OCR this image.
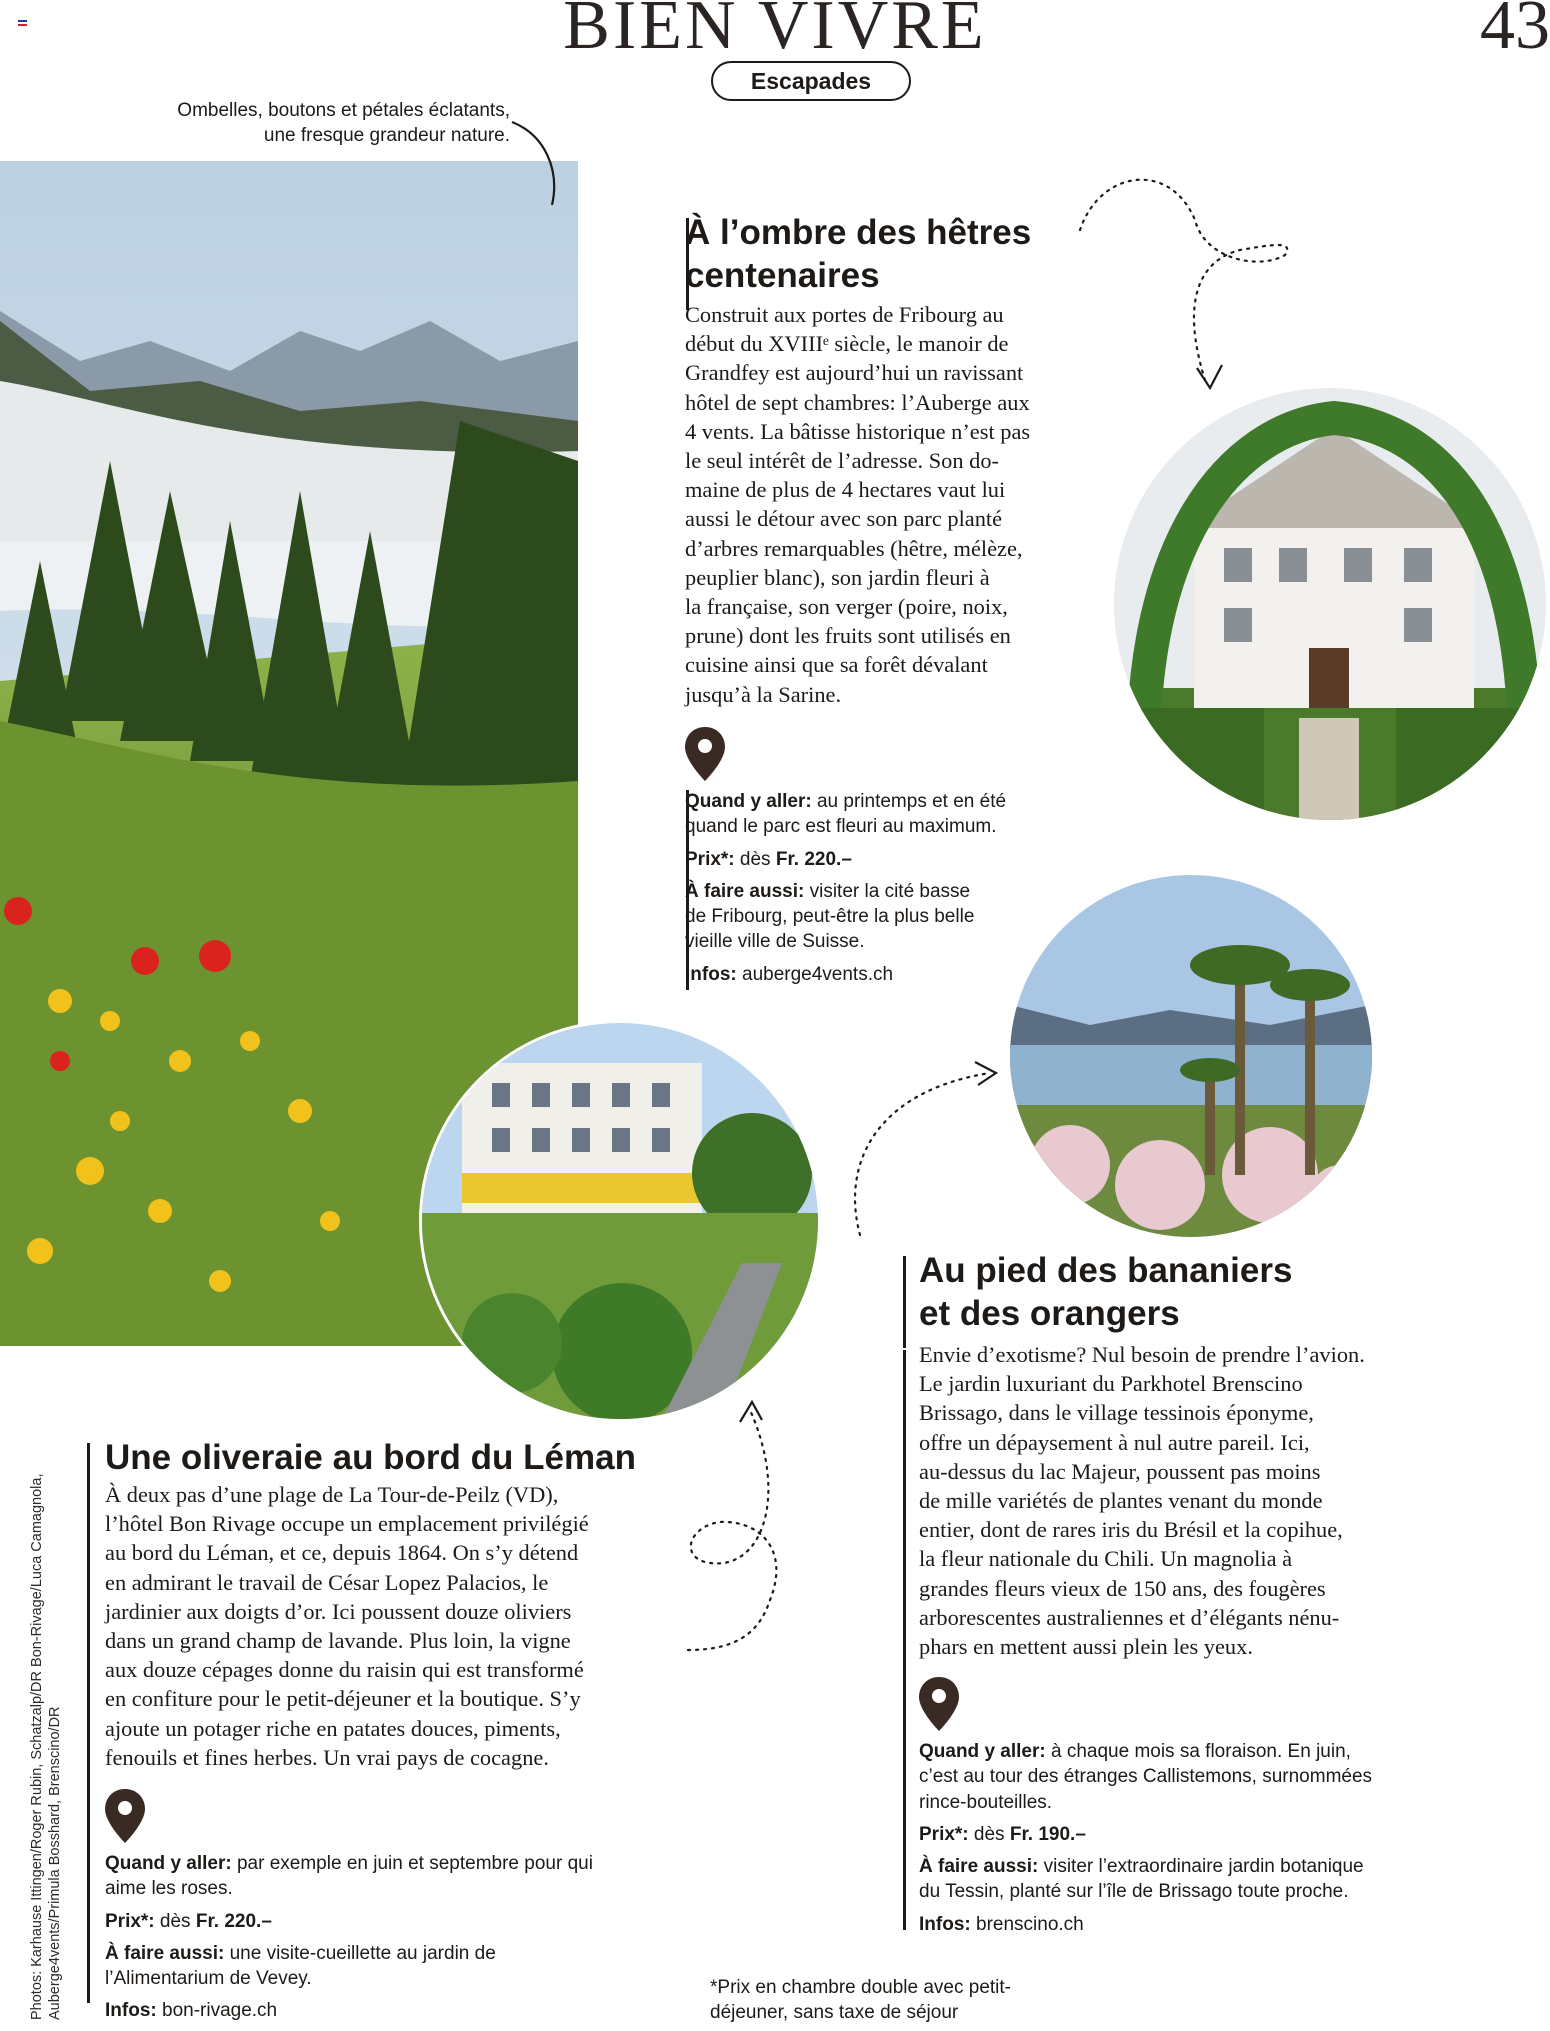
BIEN VIVRE	43
Escapades
Ombelles, boutons et pétales éclatants,
une fresque grandeur nature.
À l’ombre des hêtres
centenaires
Construit aux portes de Fribourg au
début du XVIIIᵉ siècle, le manoir de
Grandfey est aujourd’hui un ravissant
hôtel de sept chambres: l’Auberge aux
4 vents. La bâtisse historique n’est pas
le seul intérêt de l’adresse. Son do-
maine de plus de 4 hectares vaut lui
aussi le détour avec son parc planté
d’arbres remarquables (hêtre, mélèze,
peuplier blanc), son jardin fleuri à
la française, son verger (poire, noix,
prune) dont les fruits sont utilisés en
cuisine ainsi que sa forêt dévalant
jusqu’à la Sarine.

Quand y aller: au printemps et en été
quand le parc est fleuri au maximum.

Prix*: dès Fr. 220.–

À faire aussi: visiter la cité basse
de Fribourg, peut-être la plus belle
vieille ville de Suisse.

Infos: auberge4vents.ch

Au pied des bananiers
et des orangers
Envie d’exotisme? Nul besoin de prendre l’avion.
Le jardin luxuriant du Parkhotel Brenscino
Brissago, dans le village tessinois éponyme,
offre un dépaysement à nul autre pareil. Ici,
au-dessus du lac Majeur, poussent pas moins
de mille variétés de plantes venant du monde
entier, dont de rares iris du Brésil et la copihue,
la fleur nationale du Chili. Un magnolia à
grandes fleurs vieux de 150 ans, des fougères
arborescentes australiennes et d’élégants nénu-
phars en mettent aussi plein les yeux.

Quand y aller: à chaque mois sa floraison. En juin,
c’est au tour des étranges Callistemons, surnommées
rince-bouteilles.

Prix*: dès Fr. 190.–

À faire aussi: visiter l’extraordinaire jardin botanique
du Tessin, planté sur l’île de Brissago toute proche.

Infos: brenscino.ch

Une oliveraie au bord du Léman
À deux pas d’une plage de La Tour-de-Peilz (VD),
l’hôtel Bon Rivage occupe un emplacement privilégié
au bord du Léman, et ce, depuis 1864. On s’y détend
en admirant le travail de César Lopez Palacios, le
jardinier aux doigts d’or. Ici poussent douze oliviers
dans un grand champ de lavande. Plus loin, la vigne
aux douze cépages donne du raisin qui est transformé
en confiture pour le petit-déjeuner et la boutique. S’y
ajoute un potager riche en patates douces, piments,
fenouils et fines herbes. Un vrai pays de cocagne.

Quand y aller: par exemple en juin et septembre pour qui
aime les roses.

Prix*: dès Fr. 220.–

À faire aussi: une visite-cueillette au jardin de
l’Alimentarium de Vevey.

Infos: bon-rivage.ch

Photos: Karhause Ittingen/Roger Rubin, Schatzalp/DR Bon-Rivage/Luca Camagnola, Auberge4vents/Primula Bosshard, Brenscino/DR	*Prix en chambre double avec petit-
déjeuner, sans taxe de séjour
